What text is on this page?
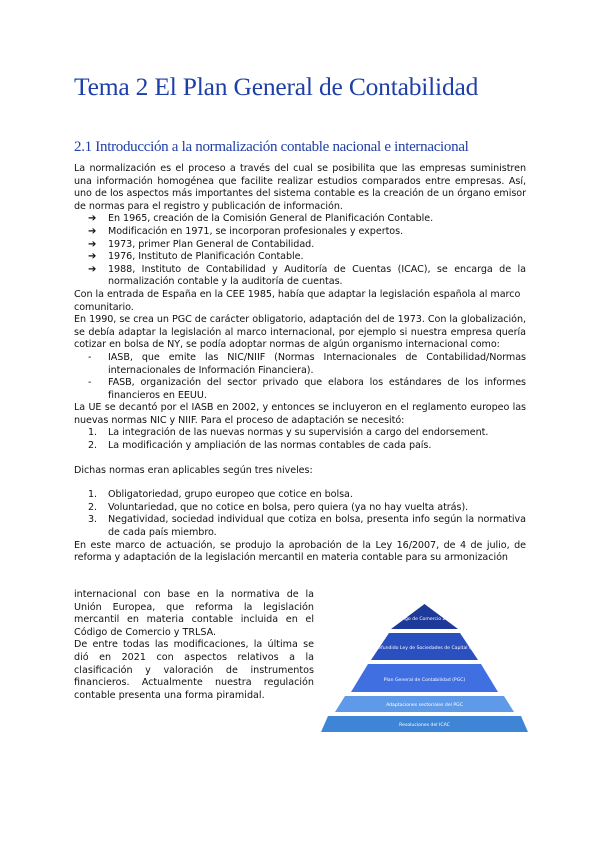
Tema 2 El Plan General de Contabilidad
2.1 Introducción a la normalización contable nacional e internacional

La normalización es el proceso a través del cual se posibilita que las empresas suministren una información homogénea que facilite realizar estudios comparados entre empresas. Así, uno de los aspectos más importantes del sistema contable es la creación de un órgano emisor de normas para el registro y publicación de información.

➔ En 1965, creación de la Comisión General de Planificación Contable.
➔ Modificación en 1971, se incorporan profesionales y expertos.
➔ 1973, primer Plan General de Contabilidad.
➔ 1976, Instituto de Planificación Contable.
➔ 1988, Instituto de Contabilidad y Auditoría de Cuentas (ICAC), se encarga de la normalización contable y la auditoría de cuentas.

Con la entrada de España en la CEE 1985, había que adaptar la legislación española al marco comunitario.

En 1990, se crea un PGC de carácter obligatorio, adaptación del de 1973. Con la globalización, se debía adaptar la legislación al marco internacional, por ejemplo si nuestra empresa quería cotizar en bolsa de NY, se podía adoptar normas de algún organismo internacional como:

- IASB, que emite las NIC/NIIF (Normas Internacionales de Contabilidad/Normas internacionales de Información Financiera).
- FASB, organización del sector privado que elabora los estándares de los informes financieros en EEUU.

La UE se decantó por el IASB en 2002, y entonces se incluyeron en el reglamento europeo las nuevas normas NIC y NIIF. Para el proceso de adaptación se necesitó:

1. La integración de las nuevas normas y su supervisión a cargo del endorsement.
2. La modificación y ampliación de las normas contables de cada país.

Dichas normas eran aplicables según tres niveles:

1. Obligatoriedad, grupo europeo que cotice en bolsa.
2. Voluntariedad, que no cotice en bolsa, pero quiera (ya no hay vuelta atrás).
3. Negatividad, sociedad individual que cotiza en bolsa, presenta info según la normativa de cada país miembro.

En este marco de actuación, se produjo la aprobación de la Ley 16/2007, de 4 de julio, de reforma y adaptación de la legislación mercantil en materia contable para su armonización

internacional con base en la normativa de la Unión Europea, que reforma la legislación mercantil en materia contable incluida en el Código de Comercio y TRLSA.

De entre todas las modificaciones, la última se dió en 2021 con aspectos relativos a la clasificación y valoración de instrumentos financieros. Actualmente nuestra regulación contable presenta una forma piramidal.

Código de Comercio 2021
Texto Refundido Ley de Sociedades de Capital (TRLSC)
Plan General de Contabilidad (PGC)
Adaptaciones sectoriales del PGC
Resoluciones del ICAC
